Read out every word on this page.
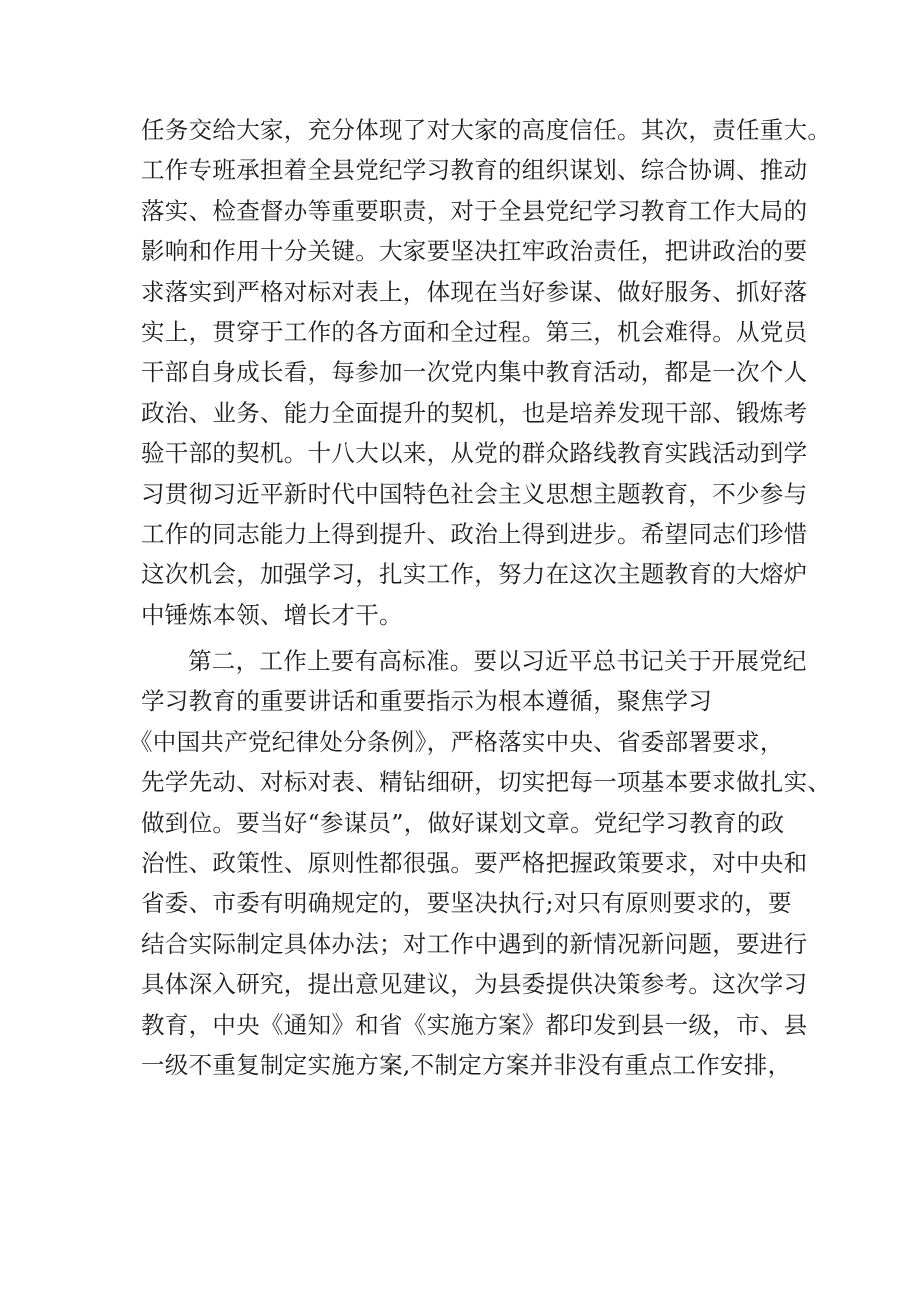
任务交给大家，充分体现了对大家的高度信任。其次，责任重大。
工作专班承担着全县党纪学习教育的组织谋划、综合协调、推动
落实、检查督办等重要职责，对于全县党纪学习教育工作大局的
影响和作用十分关键。大家要坚决扛牢政治责任，把讲政治的要
求落实到严格对标对表上，体现在当好参谋、做好服务、抓好落
实上，贯穿于工作的各方面和全过程。第三，机会难得。从党员
干部自身成长看，每参加一次党内集中教育活动，都是一次个人
政治、业务、能力全面提升的契机，也是培养发现干部、锻炼考
验干部的契机。十八大以来，从党的群众路线教育实践活动到学
习贯彻习近平新时代中国特色社会主义思想主题教育，不少参与
工作的同志能力上得到提升、政治上得到进步。希望同志们珍惜
这次机会，加强学习，扎实工作，努力在这次主题教育的大熔炉
中锤炼本领、增长才干。
第二，工作上要有高标准。要以习近平总书记关于开展党纪
学习教育的重要讲话和重要指示为根本遵循，聚焦学习
《中国共产党纪律处分条例》，严格落实中央、省委部署要求，
先学先动、对标对表、精钻细研，切实把每一项基本要求做扎实、
做到位。要当好“参谋员”，做好谋划文章。党纪学习教育的政
治性、政策性、原则性都很强。要严格把握政策要求，对中央和
省委、市委有明确规定的，要坚决执行;对只有原则要求的，要
结合实际制定具体办法；对工作中遇到的新情况新问题，要进行
具体深入研究，提出意见建议，为县委提供决策参考。这次学习
教育，中央《通知》和省《实施方案》都印发到县一级，市、县
一级不重复制定实施方案,不制定方案并非没有重点工作安排，
